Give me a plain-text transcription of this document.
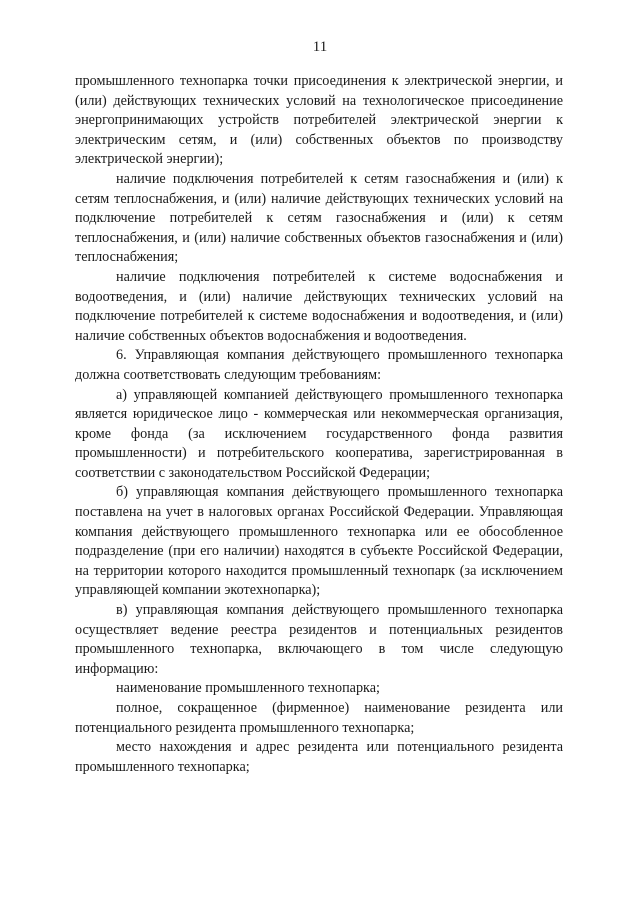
11

промышленного технопарка точки присоединения к электрической энергии, и (или) действующих технических условий на технологическое присоединение энергопринимающих устройств потребителей электрической энергии к электрическим сетям, и (или) собственных объектов по производству электрической энергии);

наличие подключения потребителей к сетям газоснабжения и (или) к сетям теплоснабжения, и (или) наличие действующих технических условий на подключение потребителей к сетям газоснабжения и (или) к сетям теплоснабжения, и (или) наличие собственных объектов газоснабжения и (или) теплоснабжения;

наличие подключения потребителей к системе водоснабжения и водоотведения, и (или) наличие действующих технических условий на подключение потребителей к системе водоснабжения и водоотведения, и (или) наличие собственных объектов водоснабжения и водоотведения.

6. Управляющая компания действующего промышленного технопарка должна соответствовать следующим требованиям:

а) управляющей компанией действующего промышленного технопарка является юридическое лицо - коммерческая или некоммерческая организация, кроме фонда (за исключением государственного фонда развития промышленности) и потребительского кооператива, зарегистрированная в соответствии с законодательством Российской Федерации;

б) управляющая компания действующего промышленного технопарка поставлена на учет в налоговых органах Российской Федерации. Управляющая компания действующего промышленного технопарка или ее обособленное подразделение (при его наличии) находятся в субъекте Российской Федерации, на территории которого находится промышленный технопарк (за исключением управляющей компании экотехнопарка);

в) управляющая компания действующего промышленного технопарка осуществляет ведение реестра резидентов и потенциальных резидентов промышленного технопарка, включающего в том числе следующую информацию:

наименование промышленного технопарка;

полное, сокращенное (фирменное) наименование резидента или потенциального резидента промышленного технопарка;

место нахождения и адрес резидента или потенциального резидента промышленного технопарка;
